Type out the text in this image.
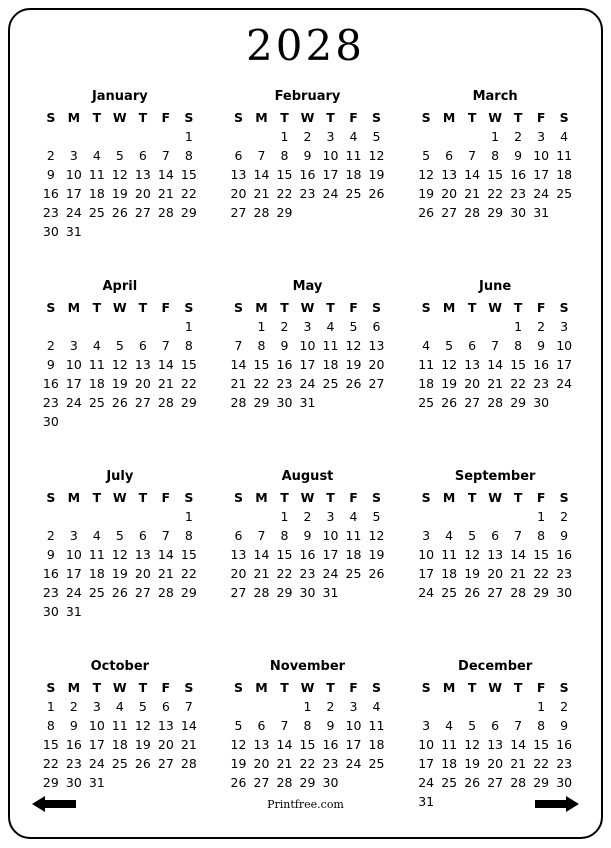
2028
January
S	M	T	W	T	F	S
						1
2	3	4	5	6	7	8
9	10	11	12	13	14	15
16	17	18	19	20	21	22
23	24	25	26	27	28	29
30	31					
February
S	M	T	W	T	F	S
		1	2	3	4	5
6	7	8	9	10	11	12
13	14	15	16	17	18	19
20	21	22	23	24	25	26
27	28	29				
March
S	M	T	W	T	F	S
			1	2	3	4
5	6	7	8	9	10	11
12	13	14	15	16	17	18
19	20	21	22	23	24	25
26	27	28	29	30	31	
April
S	M	T	W	T	F	S
						1
2	3	4	5	6	7	8
9	10	11	12	13	14	15
16	17	18	19	20	21	22
23	24	25	26	27	28	29
30						
May
S	M	T	W	T	F	S
	1	2	3	4	5	6
7	8	9	10	11	12	13
14	15	16	17	18	19	20
21	22	23	24	25	26	27
28	29	30	31			
June
S	M	T	W	T	F	S
				1	2	3
4	5	6	7	8	9	10
11	12	13	14	15	16	17
18	19	20	21	22	23	24
25	26	27	28	29	30	
July
S	M	T	W	T	F	S
						1
2	3	4	5	6	7	8
9	10	11	12	13	14	15
16	17	18	19	20	21	22
23	24	25	26	27	28	29
30	31					
August
S	M	T	W	T	F	S
		1	2	3	4	5
6	7	8	9	10	11	12
13	14	15	16	17	18	19
20	21	22	23	24	25	26
27	28	29	30	31		
September
S	M	T	W	T	F	S
					1	2
3	4	5	6	7	8	9
10	11	12	13	14	15	16
17	18	19	20	21	22	23
24	25	26	27	28	29	30
October
S	M	T	W	T	F	S
1	2	3	4	5	6	7
8	9	10	11	12	13	14
15	16	17	18	19	20	21
22	23	24	25	26	27	28
29	30	31				
November
S	M	T	W	T	F	S
			1	2	3	4
5	6	7	8	9	10	11
12	13	14	15	16	17	18
19	20	21	22	23	24	25
26	27	28	29	30		
December
S	M	T	W	T	F	S
					1	2
3	4	5	6	7	8	9
10	11	12	13	14	15	16
17	18	19	20	21	22	23
24	25	26	27	28	29	30
31						
Printfree.com
